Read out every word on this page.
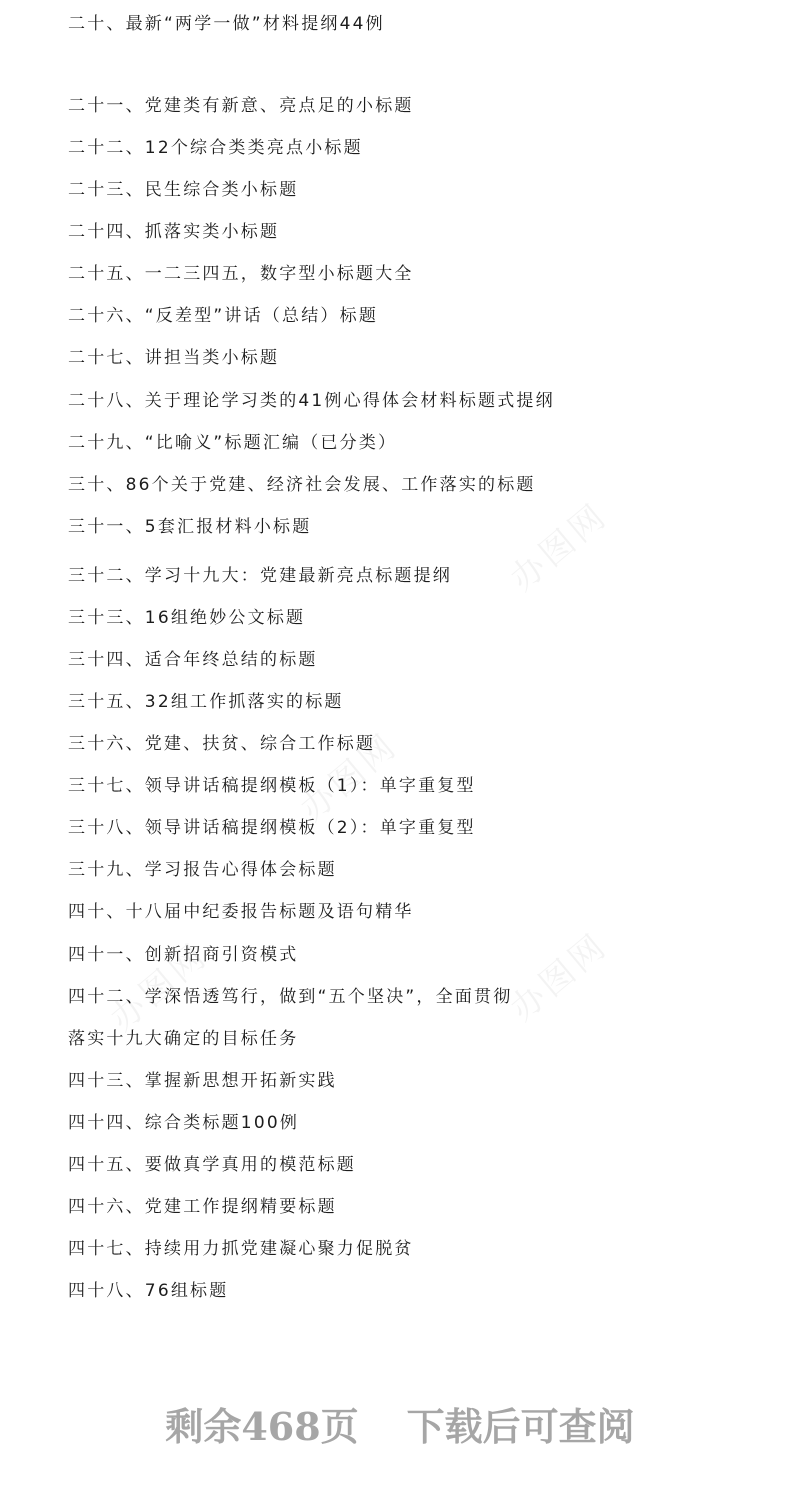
二十、最新“两学一做”材料提纲44例
二十一、党建类有新意、亮点足的小标题
二十二、12个综合类类亮点小标题
二十三、民生综合类小标题
二十四、抓落实类小标题
二十五、一二三四五，数字型小标题大全
二十六、“反差型”讲话（总结）标题
二十七、讲担当类小标题
二十八、关于理论学习类的41例心得体会材料标题式提纲
二十九、“比喻义”标题汇编（已分类）
三十、86个关于党建、经济社会发展、工作落实的标题
三十一、5套汇报材料小标题
三十二、学习十九大：党建最新亮点标题提纲
三十三、16组绝妙公文标题
三十四、适合年终总结的标题
三十五、32组工作抓落实的标题
三十六、党建、扶贫、综合工作标题
三十七、领导讲话稿提纲模板（1）：单字重复型
三十八、领导讲话稿提纲模板（2）：单字重复型
三十九、学习报告心得体会标题
四十、十八届中纪委报告标题及语句精华
四十一、创新招商引资模式
四十二、学深悟透笃行，做到“五个坚决”，全面贯彻
落实十九大确定的目标任务
四十三、掌握新思想开拓新实践
四十四、综合类标题100例
四十五、要做真学真用的模范标题
四十六、党建工作提纲精要标题
四十七、持续用力抓党建凝心聚力促脱贫
四十八、76组标题
剩余468页 下载后可查阅
